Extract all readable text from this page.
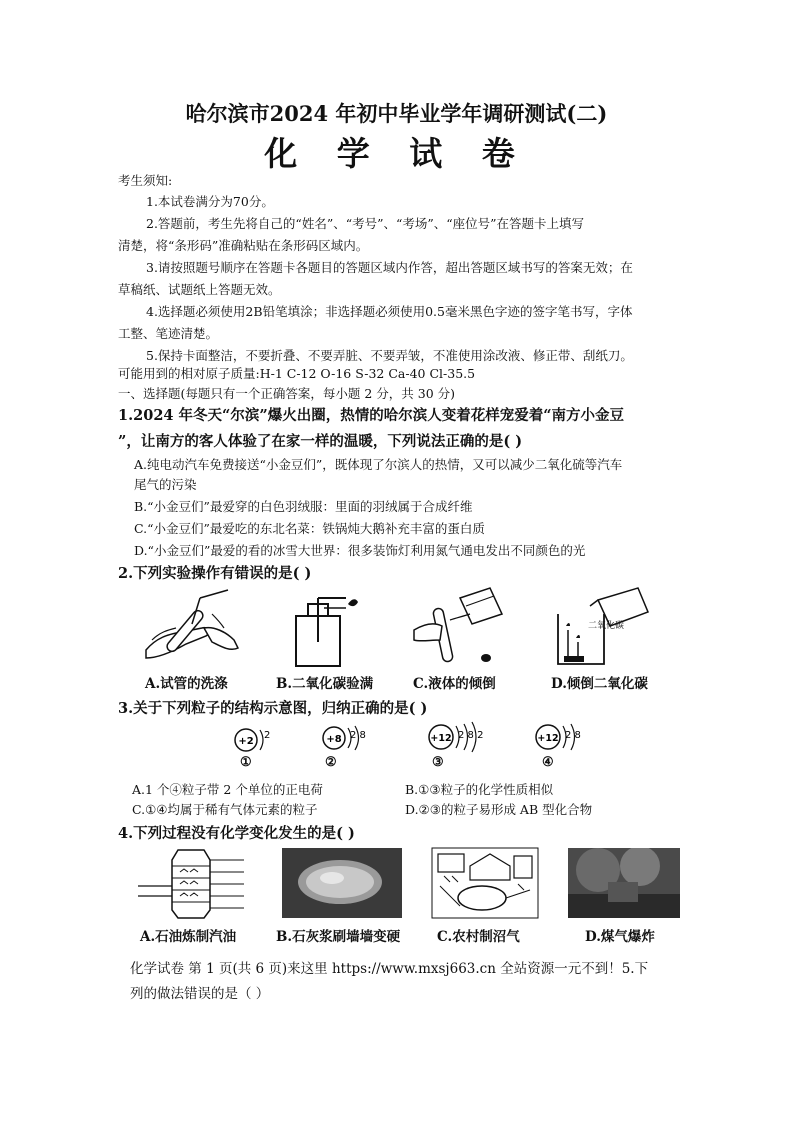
哈尔滨市2024 年初中毕业学年调研测试(二)
化 学 试 卷
考生须知:
1.本试卷满分为70分。
2.答题前，考生先将自己的“姓名”、“考号”、“考场”、“座位号”在答题卡上填写
清楚，将“条形码”准确粘贴在条形码区域内。
3.请按照题号顺序在答题卡各题目的答题区域内作答，超出答题区域书写的答案无效；在
草稿纸、试题纸上答题无效。
4.选择题必须使用2B铅笔填涂；非选择题必须使用0.5毫米黑色字迹的签字笔书写，字体
工整、笔迹清楚。
5.保持卡面整洁，不要折叠、不要弄脏、不要弄皱，不准使用涂改液、修正带、刮纸刀。
可能用到的相对原子质量:H-1 C-12 O-16 S-32 Ca-40 Cl-35.5
一、选择题(每题只有一个正确答案，每小题 2 分，共 30 分)
1.2024 年冬天“尔滨”爆火出圈，热情的哈尔滨人变着花样宠爱着“南方小金豆
”，让南方的客人体验了在家一样的温暖，下列说法正确的是( )
A.纯电动汽车免费接送“小金豆们”，既体现了尔滨人的热情，又可以减少二氧化硫等汽车
尾气的污染
B.“小金豆们”最爱穿的白色羽绒服：里面的羽绒属于合成纤维
C.“小金豆们”最爱吃的东北名菜：铁锅炖大鹅补充丰富的蛋白质
D.“小金豆们”最爱的看的冰雪大世界：很多装饰灯利用氮气通电发出不同颜色的光
2.下列实验操作有错误的是( )
A.试管的洗涤	B.二氧化碳验满	C.液体的倾倒
二氧化碳
D.倾倒二氧化碳
3.关于下列粒子的结构示意图，归纳正确的是( )
+2
2
①
+8 2 8
②
+12 2 8 2
③
+12 2 8
④
A.1 个④粒子带 2 个单位的正电荷	B.①③粒子的化学性质相似
C.①④均属于稀有气体元素的粒子	D.②③的粒子易形成 AB 型化合物
4.下列过程没有化学变化发生的是( )
A.石油炼制汽油	B.石灰浆刷墙墙变硬	C.农村制沼气	D.煤气爆炸
化学试卷 第 1 页(共 6 页)来这里 https://www.mxsj663.cn 全站资源一元不到！5.下
列的做法错误的是（ ）
